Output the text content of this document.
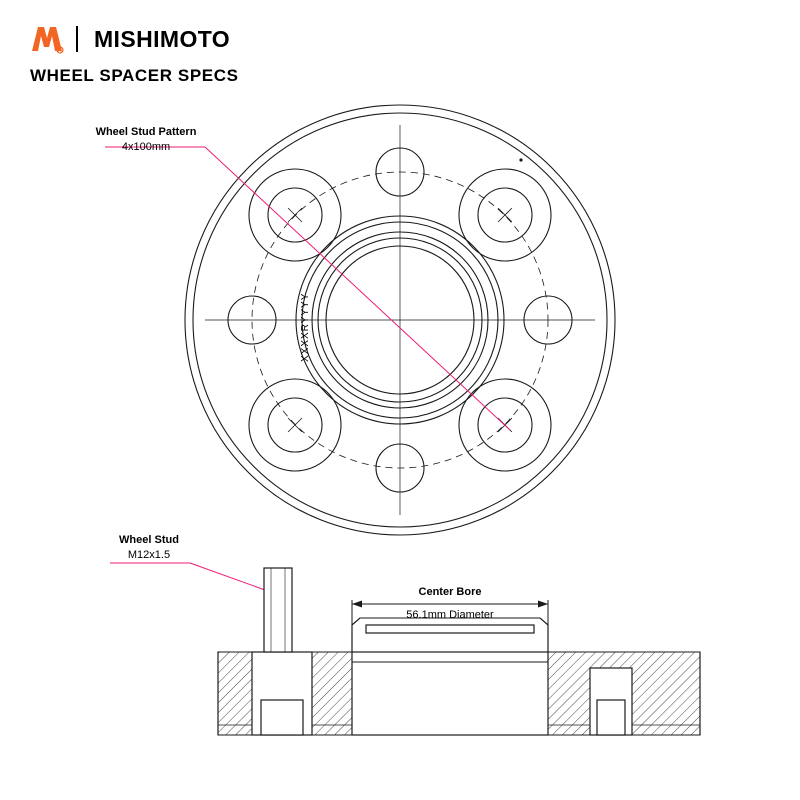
R MISHIMOTO
WHEEL SPACER SPECS
XXXXRYYYY
Wheel Stud Pattern
4x100mm
Wheel Stud
M12x1.5
Center Bore
56.1mm Diameter
